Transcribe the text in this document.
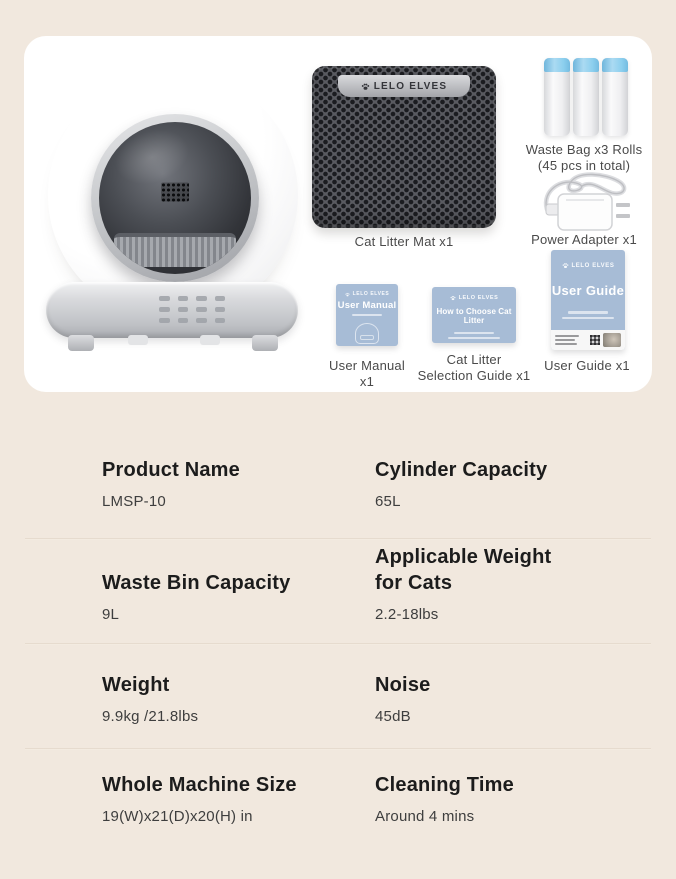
LELO ELVES
Cat Litter Mat x1
Waste Bag x3 Rolls
(45 pcs in total)
Power Adapter x1
LELO ELVES
User Manual
User Manual x1
LELO ELVES
How to Choose Cat Litter
Cat Litter
Selection Guide x1
LELO ELVES
User Guide
User Guide x1
Product Name
LMSP-10
Cylinder Capacity
65L
Waste Bin Capacity
9L
Applicable Weight for Cats
2.2-18lbs
Weight
9.9kg /21.8lbs
Noise
45dB
Whole Machine Size
19(W)x21(D)x20(H) in
Cleaning Time
Around 4 mins
